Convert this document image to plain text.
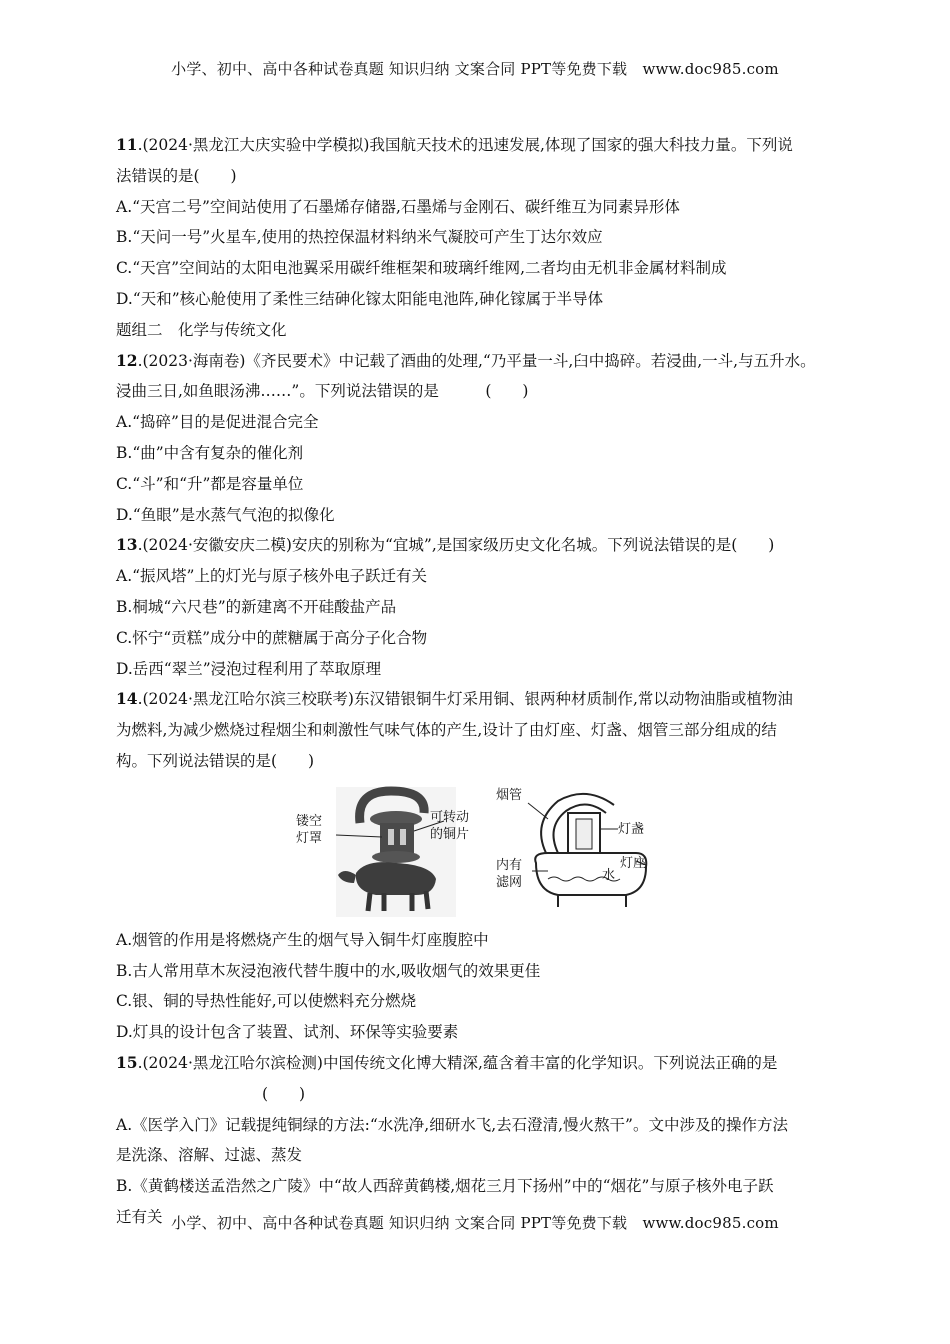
小学、初中、高中各种试卷真题 知识归纳 文案合同 PPT等免费下载　www.doc985.com
11.(2024·黑龙江大庆实验中学模拟)我国航天技术的迅速发展,体现了国家的强大科技力量。下列说
法错误的是(　　)
A.“天宫二号”空间站使用了石墨烯存储器,石墨烯与金刚石、碳纤维互为同素异形体
B.“天问一号”火星车,使用的热控保温材料纳米气凝胶可产生丁达尔效应
C.“天宫”空间站的太阳电池翼采用碳纤维框架和玻璃纤维网,二者均由无机非金属材料制成
D.“天和”核心舱使用了柔性三结砷化镓太阳能电池阵,砷化镓属于半导体
题组二　化学与传统文化
12.(2023·海南卷)《齐民要术》中记载了酒曲的处理,“乃平量一斗,臼中捣碎。若浸曲,一斗,与五升水。
浸曲三日,如鱼眼汤沸……”。下列说法错误的是　　　(　　)
A.“捣碎”目的是促进混合完全
B.“曲”中含有复杂的催化剂
C.“斗”和“升”都是容量单位
D.“鱼眼”是水蒸气气泡的拟像化
13.(2024·安徽安庆二模)安庆的别称为“宜城”,是国家级历史文化名城。下列说法错误的是(　　)
A.“振风塔”上的灯光与原子核外电子跃迁有关
B.桐城“六尺巷”的新建离不开硅酸盐产品
C.怀宁“贡糕”成分中的蔗糖属于高分子化合物
D.岳西“翠兰”浸泡过程利用了萃取原理
14.(2024·黑龙江哈尔滨三校联考)东汉错银铜牛灯采用铜、银两种材质制作,常以动物油脂或植物油
为燃料,为减少燃烧过程烟尘和刺激性气味气体的产生,设计了由灯座、灯盏、烟管三部分组成的结
构。下列说法错误的是(　　)
镂空
灯罩
可转动
的铜片
烟管
灯盏
内有
滤网	水
灯座
A.烟管的作用是将燃烧产生的烟气导入铜牛灯座腹腔中
B.古人常用草木灰浸泡液代替牛腹中的水,吸收烟气的效果更佳
C.银、铜的导热性能好,可以使燃料充分燃烧
D.灯具的设计包含了装置、试剂、环保等实验要素
15.(2024·黑龙江哈尔滨检测)中国传统文化博大精深,蕴含着丰富的化学知识。下列说法正确的是
(　　)
A.《医学入门》记载提纯铜绿的方法:“水洗净,细研水飞,去石澄清,慢火熬干”。文中涉及的操作方法
是洗涤、溶解、过滤、蒸发
B.《黄鹤楼送孟浩然之广陵》中“故人西辞黄鹤楼,烟花三月下扬州”中的“烟花”与原子核外电子跃
迁有关 小学、初中、高中各种试卷真题 知识归纳 文案合同 PPT等免费下载　www.doc985.com
